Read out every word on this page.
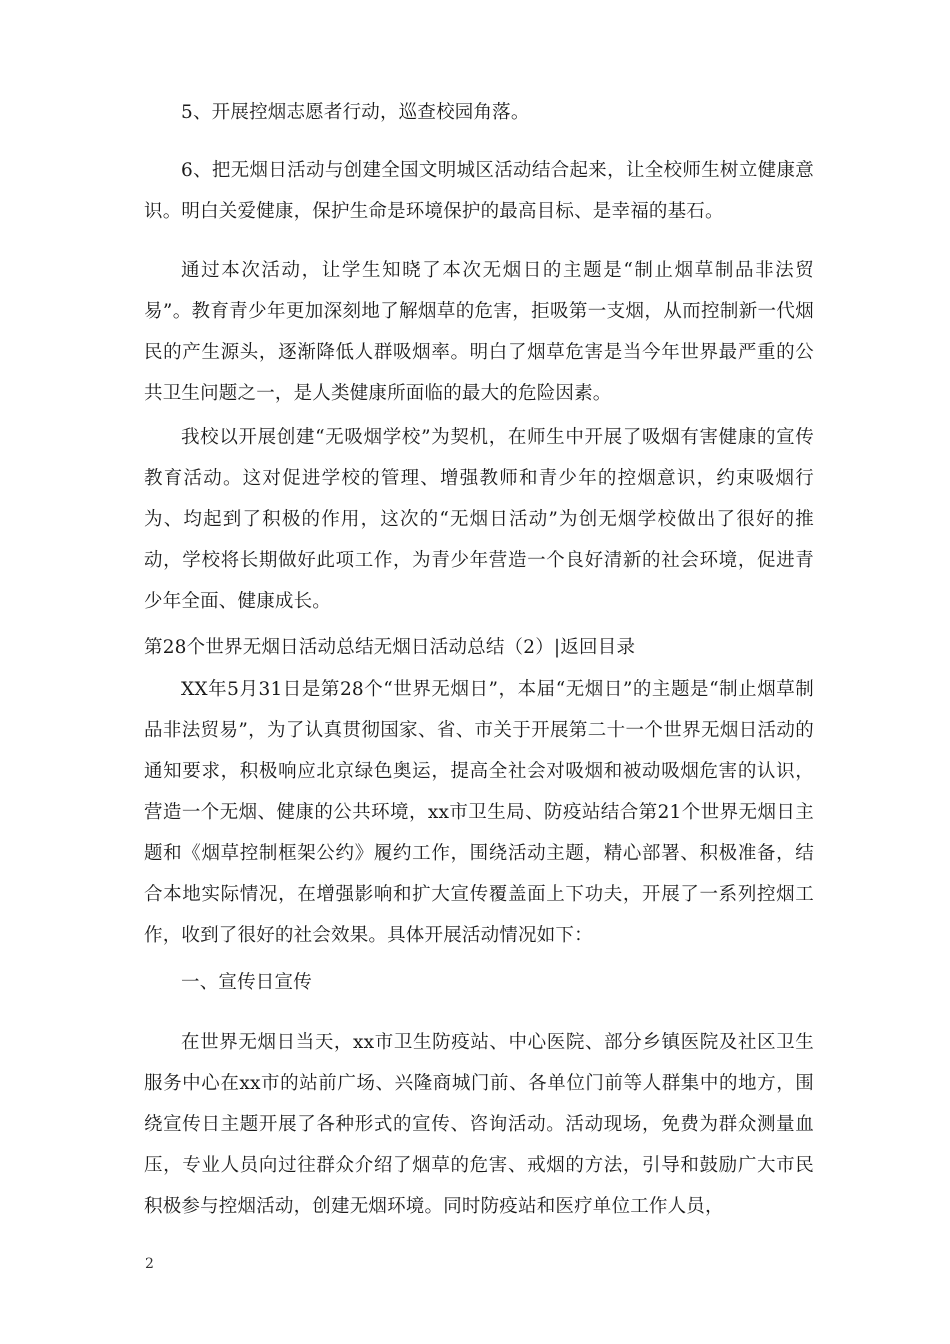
5、开展控烟志愿者行动，巡查校园角落。

6、把无烟日活动与创建全国文明城区活动结合起来，让全校师生树立健康意识。明白关爱健康，保护生命是环境保护的最高目标、是幸福的基石。

通过本次活动，让学生知晓了本次无烟日的主题是“制止烟草制品非法贸易”。教育青少年更加深刻地了解烟草的危害，拒吸第一支烟，从而控制新一代烟民的产生源头，逐渐降低人群吸烟率。明白了烟草危害是当今年世界最严重的公共卫生问题之一，是人类健康所面临的最大的危险因素。

我校以开展创建“无吸烟学校”为契机，在师生中开展了吸烟有害健康的宣传教育活动。这对促进学校的管理、增强教师和青少年的控烟意识，约束吸烟行为、均起到了积极的作用，这次的“无烟日活动”为创无烟学校做出了很好的推动，学校将长期做好此项工作，为青少年营造一个良好清新的社会环境，促进青少年全面、健康成长。

第28个世界无烟日活动总结无烟日活动总结（2）|返回目录

XX年5月31日是第28个“世界无烟日”，本届“无烟日”的主题是“制止烟草制品非法贸易”，为了认真贯彻国家、省、市关于开展第二十一个世界无烟日活动的通知要求，积极响应北京绿色奥运，提高全社会对吸烟和被动吸烟危害的认识，营造一个无烟、健康的公共环境，xx市卫生局、防疫站结合第21个世界无烟日主题和《烟草控制框架公约》履约工作，围绕活动主题，精心部署、积极准备，结合本地实际情况，在增强影响和扩大宣传覆盖面上下功夫，开展了一系列控烟工作，收到了很好的社会效果。具体开展活动情况如下：

一、宣传日宣传

在世界无烟日当天，xx市卫生防疫站、中心医院、部分乡镇医院及社区卫生服务中心在xx市的站前广场、兴隆商城门前、各单位门前等人群集中的地方，围绕宣传日主题开展了各种形式的宣传、咨询活动。活动现场，免费为群众测量血压，专业人员向过往群众介绍了烟草的危害、戒烟的方法，引导和鼓励广大市民积极参与控烟活动，创建无烟环境。同时防疫站和医疗单位工作人员，

2
